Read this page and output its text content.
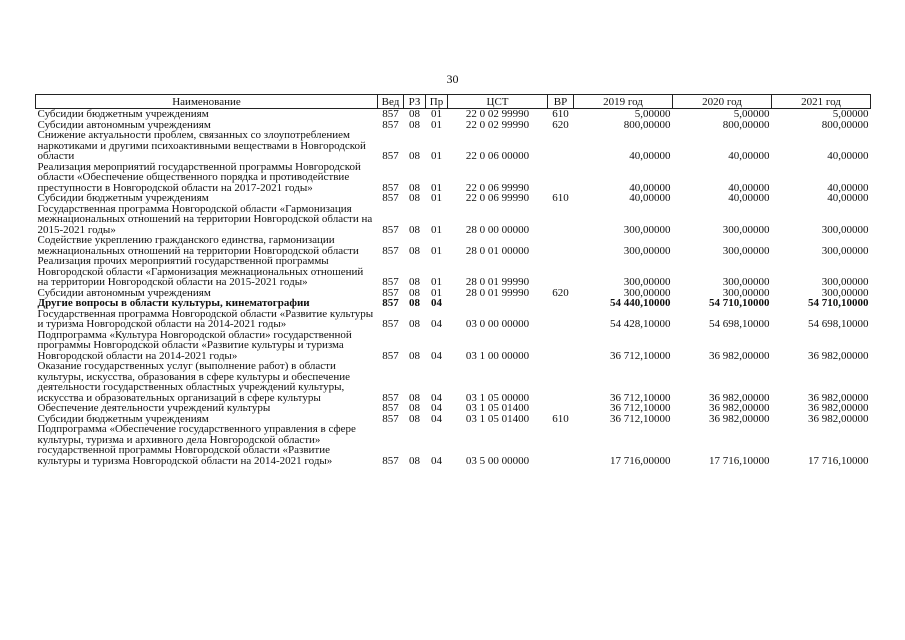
30
Наименование	Вед	РЗ	Пр	ЦСТ	ВР	2019 год	2020 год	2021 год
Субсидии бюджетным учреждениям	857	08	01	22 0 02 99990	610	5,00000	5,00000	5,00000
Субсидии автономным учреждениям	857	08	01	22 0 02 99990	620	800,00000	800,00000	800,00000
Снижение актуальности проблем, связанных со злоупотреблением наркотиками и другими психоактивными веществами в Новгородской области	857	08	01	22 0 06 00000		40,00000	40,00000	40,00000
Реализация мероприятий государственной программы Новгородской области «Обеспечение общественного порядка и противодействие преступности в Новгородской области на 2017-2021 годы»	857	08	01	22 0 06 99990		40,00000	40,00000	40,00000
Субсидии бюджетным учреждениям	857	08	01	22 0 06 99990	610	40,00000	40,00000	40,00000
Государственная программа Новгородской области «Гармонизация межнациональных отношений на территории Новгородской области на 2015-2021 годы»	857	08	01	28 0 00 00000		300,00000	300,00000	300,00000
Содействие укреплению гражданского единства, гармонизации межнациональных отношений на территории Новгородской области	857	08	01	28 0 01 00000		300,00000	300,00000	300,00000
Реализация прочих мероприятий государственной программы Новгородской области «Гармонизация межнациональных отношений на территории Новгородской области на 2015-2021 годы»	857	08	01	28 0 01 99990		300,00000	300,00000	300,00000
Субсидии автономным учреждениям	857	08	01	28 0 01 99990	620	300,00000	300,00000	300,00000
Другие вопросы в области культуры, кинематографии	857	08	04			54 440,10000	54 710,10000	54 710,10000
Государственная программа Новгородской области «Развитие культуры и туризма Новгородской области на 2014-2021 годы»	857	08	04	03 0 00 00000		54 428,10000	54 698,10000	54 698,10000
Подпрограмма «Культура Новгородской области» государственной программы Новгородской области «Развитие культуры и туризма Новгородской области на 2014-2021 годы»	857	08	04	03 1 00 00000		36 712,10000	36 982,00000	36 982,00000
Оказание государственных услуг (выполнение работ) в области культуры, искусства, образования в сфере культуры и обеспечение деятельности государственных областных учреждений культуры, искусства и образовательных организаций в сфере культуры	857	08	04	03 1 05 00000		36 712,10000	36 982,00000	36 982,00000
Обеспечение деятельности учреждений культуры	857	08	04	03 1 05 01400		36 712,10000	36 982,00000	36 982,00000
Субсидии бюджетным учреждениям	857	08	04	03 1 05 01400	610	36 712,10000	36 982,00000	36 982,00000
Подпрограмма «Обеспечение государственного управления в сфере культуры, туризма и архивного дела Новгородской области» государственной программы Новгородской области «Развитие культуры и туризма Новгородской области на 2014-2021 годы»	857	08	04	03 5 00 00000		17 716,00000	17 716,10000	17 716,10000
